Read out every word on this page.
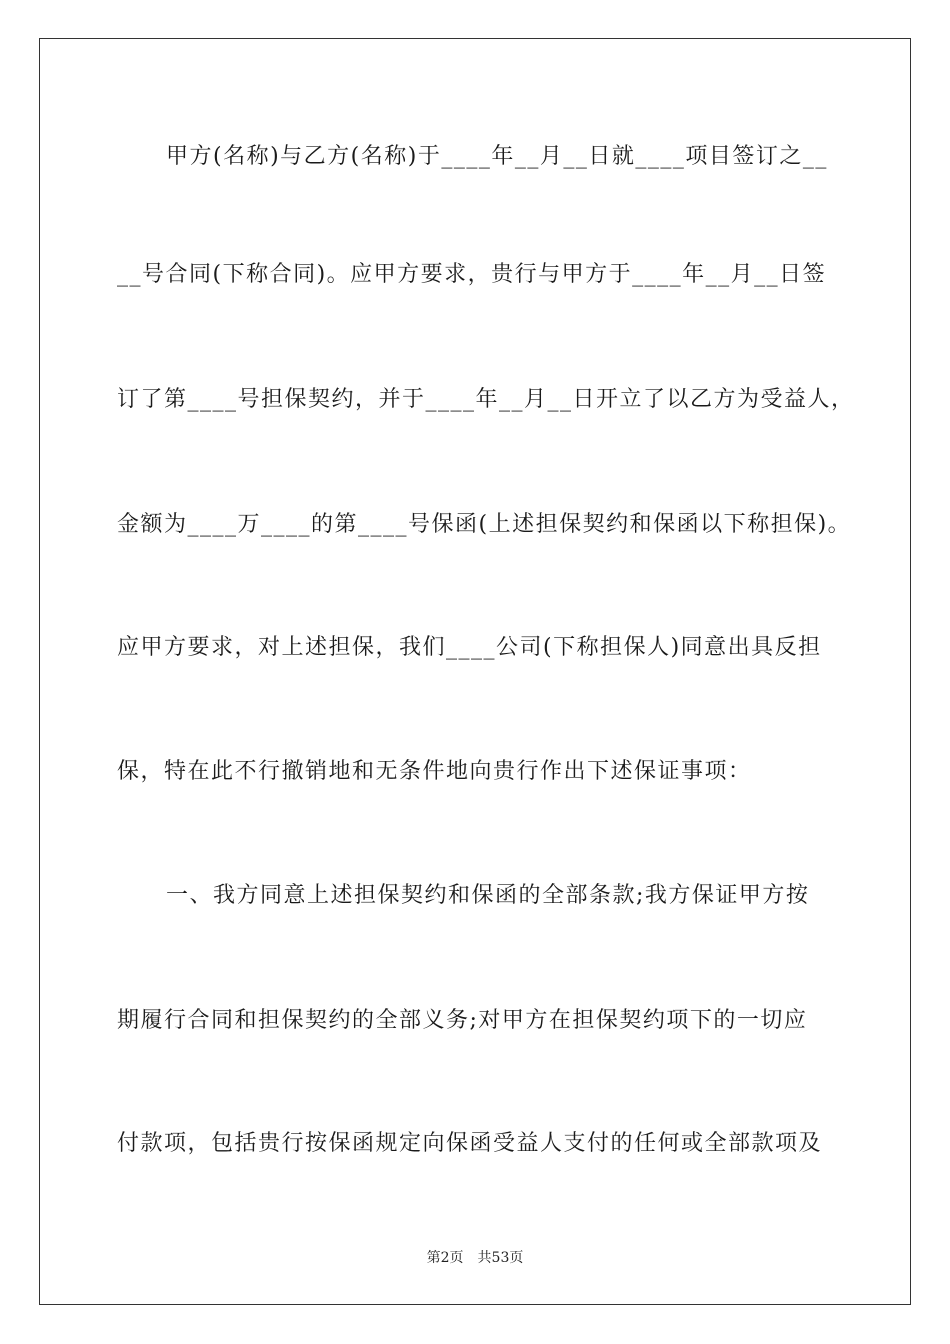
甲方(名称)与乙方(名称)于____年__月__日就____项目签订之__
__号合同(下称合同)。应甲方要求，贵行与甲方于____年__月__日签
订了第____号担保契约，并于____年__月__日开立了以乙方为受益人，
金额为____万____的第____号保函(上述担保契约和保函以下称担保)。
应甲方要求，对上述担保，我们____公司(下称担保人)同意出具反担
保，特在此不行撤销地和无条件地向贵行作出下述保证事项：
一、我方同意上述担保契约和保函的全部条款;我方保证甲方按
期履行合同和担保契约的全部义务;对甲方在担保契约项下的一切应
付款项，包括贵行按保函规定向保函受益人支付的任何或全部款项及
第2页　共53页
